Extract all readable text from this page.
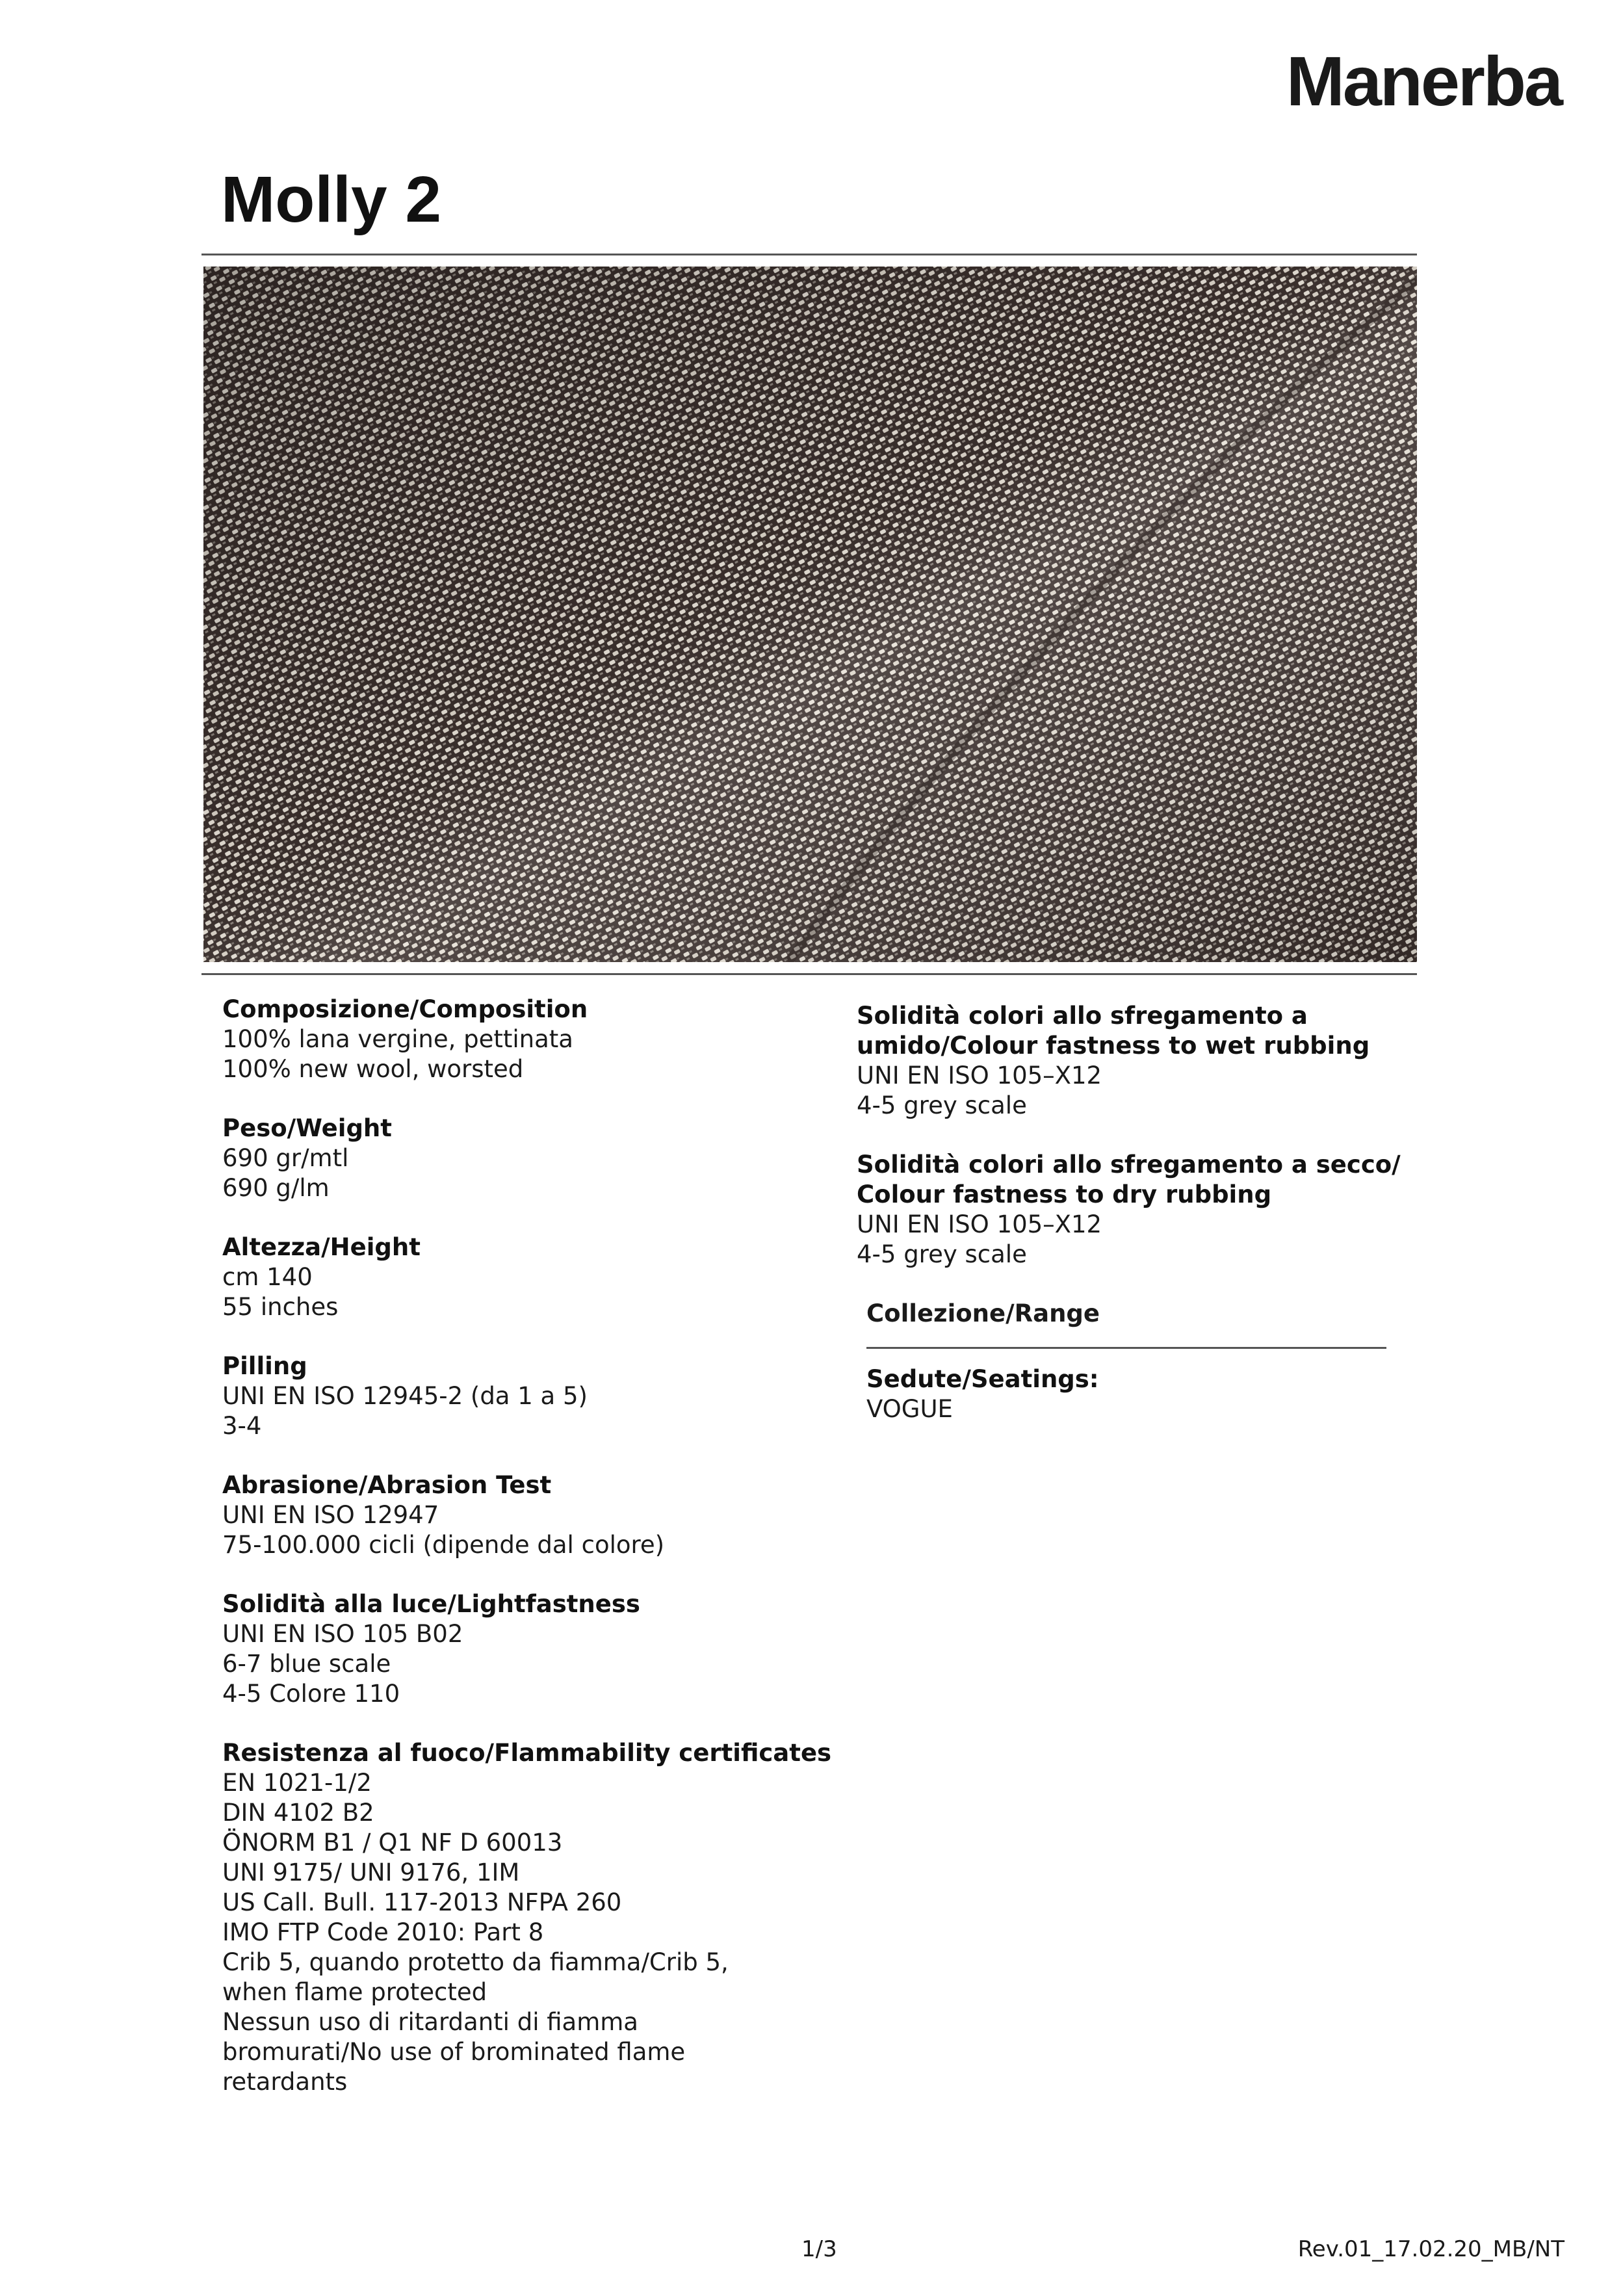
Manerba
Molly 2
Composizione/Composition
100% lana vergine, pettinata
100% new wool, worsted
Peso/Weight
690 gr/mtl
690 g/lm
Altezza/Height
cm 140
55 inches
Pilling
UNI EN ISO 12945-2 (da 1 a 5)
3-4
Abrasione/Abrasion Test
UNI EN ISO 12947
75-100.000 cicli (dipende dal colore)
Solidità alla luce/Lightfastness
UNI EN ISO 105 B02
6-7 blue scale
4-5 Colore 110
Resistenza al fuoco/Flammability certificates
EN 1021-1/2
DIN 4102 B2
ÖNORM B1 / Q1 NF D 60013
UNI 9175/ UNI 9176, 1IM
US Call. Bull. 117-2013 NFPA 260
IMO FTP Code 2010: Part 8
Crib 5, quando protetto da fiamma/Crib 5,
when flame protected
Nessun uso di ritardanti di fiamma
bromurati/No use of brominated flame
retardants
Solidità colori allo sfregamento a
umido/Colour fastness to wet rubbing
UNI EN ISO 105–X12
4-5 grey scale
Solidità colori allo sfregamento a secco/
Colour fastness to dry rubbing
UNI EN ISO 105–X12
4-5 grey scale
Collezione/Range
Sedute/Seatings:
VOGUE
1/3	Rev.01_17.02.20_MB/NT
